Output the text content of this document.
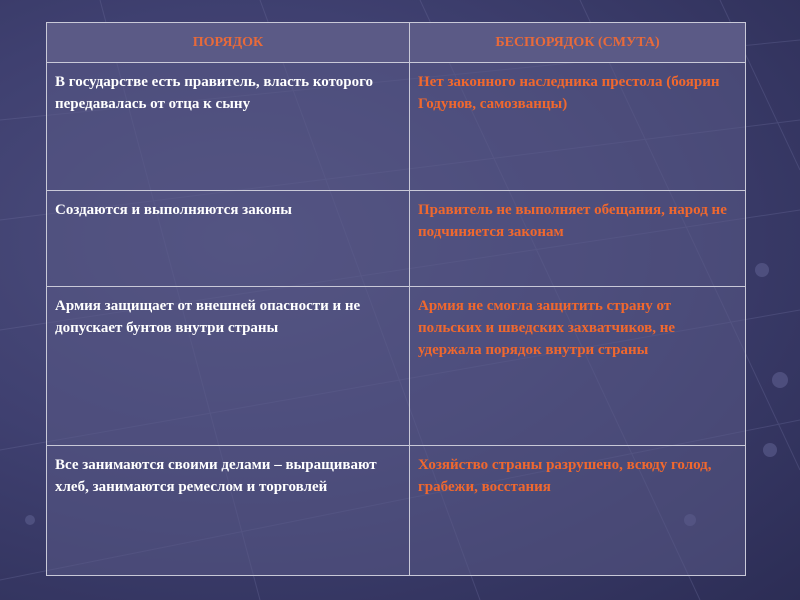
ПОРЯДОК	БЕСПОРЯДОК (СМУТА)
В государстве есть правитель, власть которого передавалась от отца к сыну	Нет законного наследника престола (боярин Годунов, самозванцы)
Создаются и выполняются законы	Правитель не выполняет обещания, народ не подчиняется законам
Армия защищает от внешней опасности и не допускает бунтов внутри страны	Армия не смогла защитить страну от польских и шведских захватчиков, не удержала порядок внутри страны
Все занимаются своими делами – выращивают хлеб, занимаются ремеслом и торговлей	Хозяйство страны разрушено, всюду голод, грабежи, восстания
